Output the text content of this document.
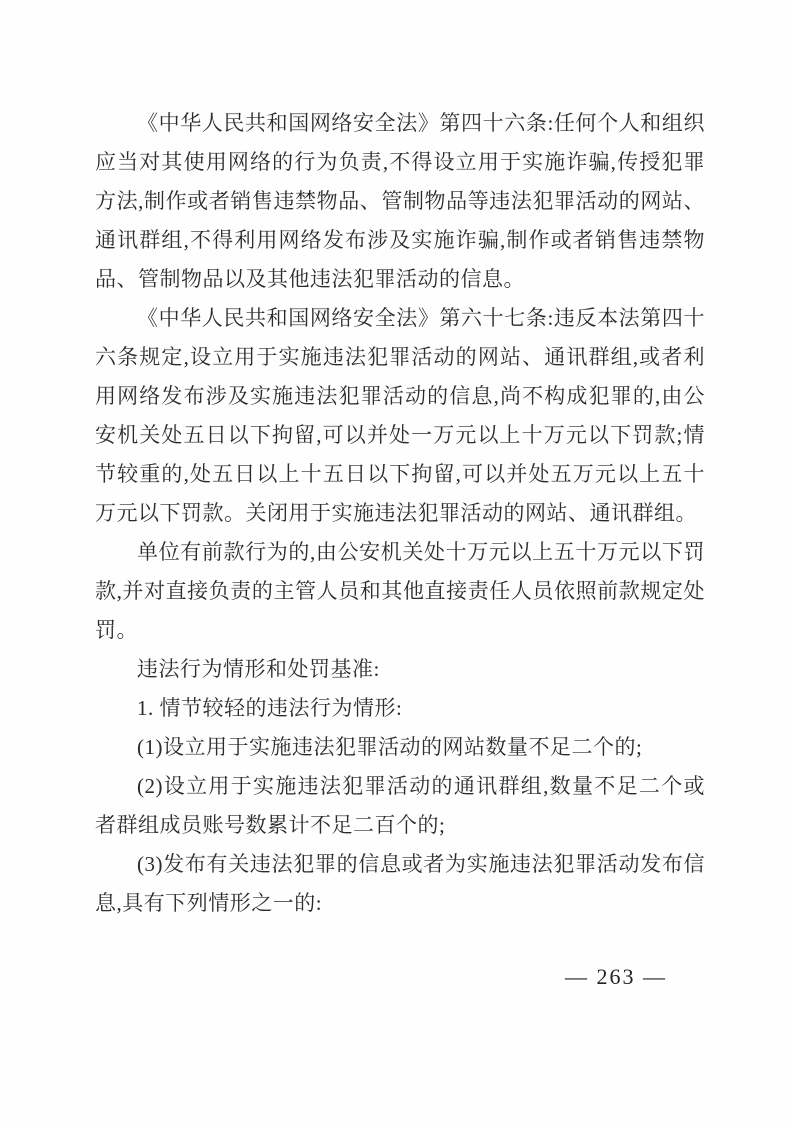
《中华人民共和国网络安全法》第四十六条:任何个人和组织应当对其使用网络的行为负责,不得设立用于实施诈骗,传授犯罪方法,制作或者销售违禁物品、管制物品等违法犯罪活动的网站、通讯群组,不得利用网络发布涉及实施诈骗,制作或者销售违禁物品、管制物品以及其他违法犯罪活动的信息。

《中华人民共和国网络安全法》第六十七条:违反本法第四十六条规定,设立用于实施违法犯罪活动的网站、通讯群组,或者利用网络发布涉及实施违法犯罪活动的信息,尚不构成犯罪的,由公安机关处五日以下拘留,可以并处一万元以上十万元以下罚款;情节较重的,处五日以上十五日以下拘留,可以并处五万元以上五十万元以下罚款。关闭用于实施违法犯罪活动的网站、通讯群组。

单位有前款行为的,由公安机关处十万元以上五十万元以下罚款,并对直接负责的主管人员和其他直接责任人员依照前款规定处罚。

违法行为情形和处罚基准:

1. 情节较轻的违法行为情形:

(1)设立用于实施违法犯罪活动的网站数量不足二个的;

(2)设立用于实施违法犯罪活动的通讯群组,数量不足二个或者群组成员账号数累计不足二百个的;

(3)发布有关违法犯罪的信息或者为实施违法犯罪活动发布信息,具有下列情形之一的:

— 263 —
